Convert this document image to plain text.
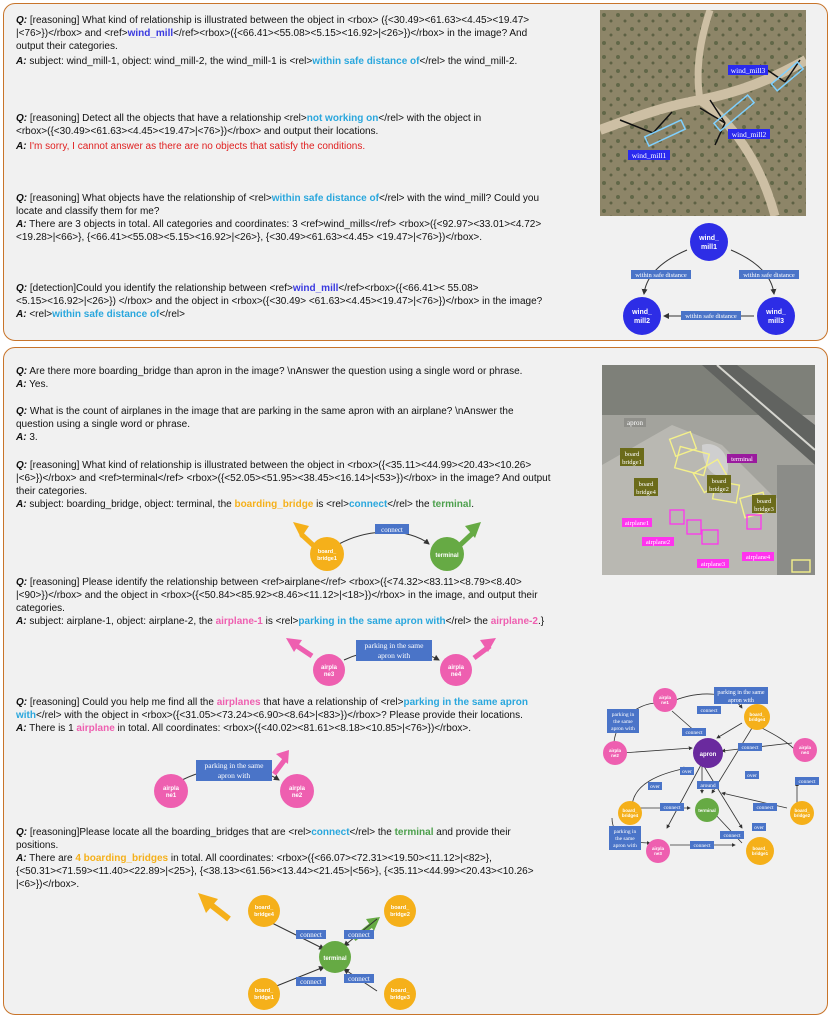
Q: [reasoning] What kind of relationship is illustrated between the object in <rbox> ({<30.49><61.63><4.45><19.47>

|<76>})</rbox> and <ref>wind_mill</ref><rbox>({<66.41><55.08><5.15><16.92>|<26>})</rbox> in the image? And

output their categories.

A: subject: wind_mill-1, object: wind_mill-2, the wind_mill-1 is <rel>within safe distance of</rel> the wind_mill-2.

Q: [reasoning] Detect all the objects that have a relationship <rel>not working on</rel> with the object in

<rbox>({<30.49><61.63><4.45><19.47>|<76>})</rbox> and output their locations.

A: I'm sorry, I cannot answer as there are no objects that satisfy the conditions.

Q: [reasoning] What objects have the relationship of <rel>within safe distance of</rel> with the wind_mill? Could you

locate and classify them for me?

A: There are 3 objects in total. All categories and coordinates: 3 <ref>wind_mills</ref> <rbox>({<92.97><33.01><4.72>

<19.28>|<66>}, {<66.41><55.08><5.15><16.92>|<26>}, {<30.49><61.63><4.45> <19.47>|<76>})</rbox>.

Q: [detection]Could you identify the relationship between <ref>wind_mill</ref><rbox>({<66.41>< 55.08>

<5.15><16.92>|<26>}) </rbox> and the object in <rbox>({<30.49> <61.63><4.45><19.47>|<76>})</rbox> in the image?

A: <rel>within safe distance of</rel>

wind_mill3
wind_mill2
wind_mill1
wind_
mill1
wind_
mill2
wind_
mill3
within safe distance	within safe distance
within safe distance

Q: Are there more boarding_bridge than apron in the image? \nAnswer the question using a single word or phrase.

A: Yes.

Q: What is the count of airplanes in the image that are parking in the same apron with an airplane? \nAnswer the

question using a single word or phrase.

A: 3.

Q: [reasoning] What kind of relationship is illustrated between the object in <rbox>({<35.11><44.99><20.43><10.26>

|<6>})</rbox> and <ref>terminal</ref> <rbox>({<52.05><51.95><38.45><16.14>|<53>})</rbox> in the image? And output

their categories.

A: subject: boarding_bridge, object: terminal, the boarding_bridge is <rel>connect</rel> the terminal.

board_
bridge1	terminal
connect

Q: [reasoning] Please identify the relationship between <ref>airplane</ref> <rbox>({<74.32><83.11><8.79><8.40>

|<90>})</rbox> and the object in <rbox>({<50.84><85.92><8.46><11.12>|<18>})</rbox> in the image, and output their

categories.

A: subject: airplane-1, object: airplane-2, the airplane-1 is <rel>parking in the same apron with</rel> the airplane-2.}

airpla
ne3
airpla
ne4
parking in the same
apron with

Q: [reasoning] Could you help me find all the airplanes that have a relationship of <rel>parking in the same apron

with</rel> with the object in <rbox>({<31.05><73.24><6.90><8.64>|<83>})</rbox>? Please provide their locations.

A: There is 1 airplane in total. All coordinates: <rbox>({<40.02><81.61><8.18><10.85>|<76>})</rbox>.

airpla
ne1
airpla
ne2
parking in the same
apron with

Q: [reasoning]Please locate all the boarding_bridges that are <rel>connect</rel> the terminal and provide their

positions.

A: There are 4 boarding_bridges in total. All coordinates: <rbox>({<66.07><72.31><19.50><11.12>|<82>},

{<50.31><71.59><11.40><22.89>|<25>}, {<38.13><61.56><13.44><21.45>|<56>}, {<35.11><44.99><20.43><10.26>

|<6>})</rbox>.

terminal
board_
bridge4
board_
bridge2
board_
bridge1
board_
bridge3
connect	connect
connect	connect
apron
board
bridge1
board
bridge4
board
bridge2
board
bridge3
terminal
airplane1
airplane2
airplane3
airplane4
parking in the same
apron with
parking in
the same
apron with
connect
connect
connect
connect
over
over
over	around
connect	connect
over
connect
parking in
the same
apron with	connect
airpla
ne1
board_
bridge4
airpla
ne2	apron
airpla
ne4
board_
bridge4
terminal	board_
bridge2
airpla
ne3
board_
bridge1
